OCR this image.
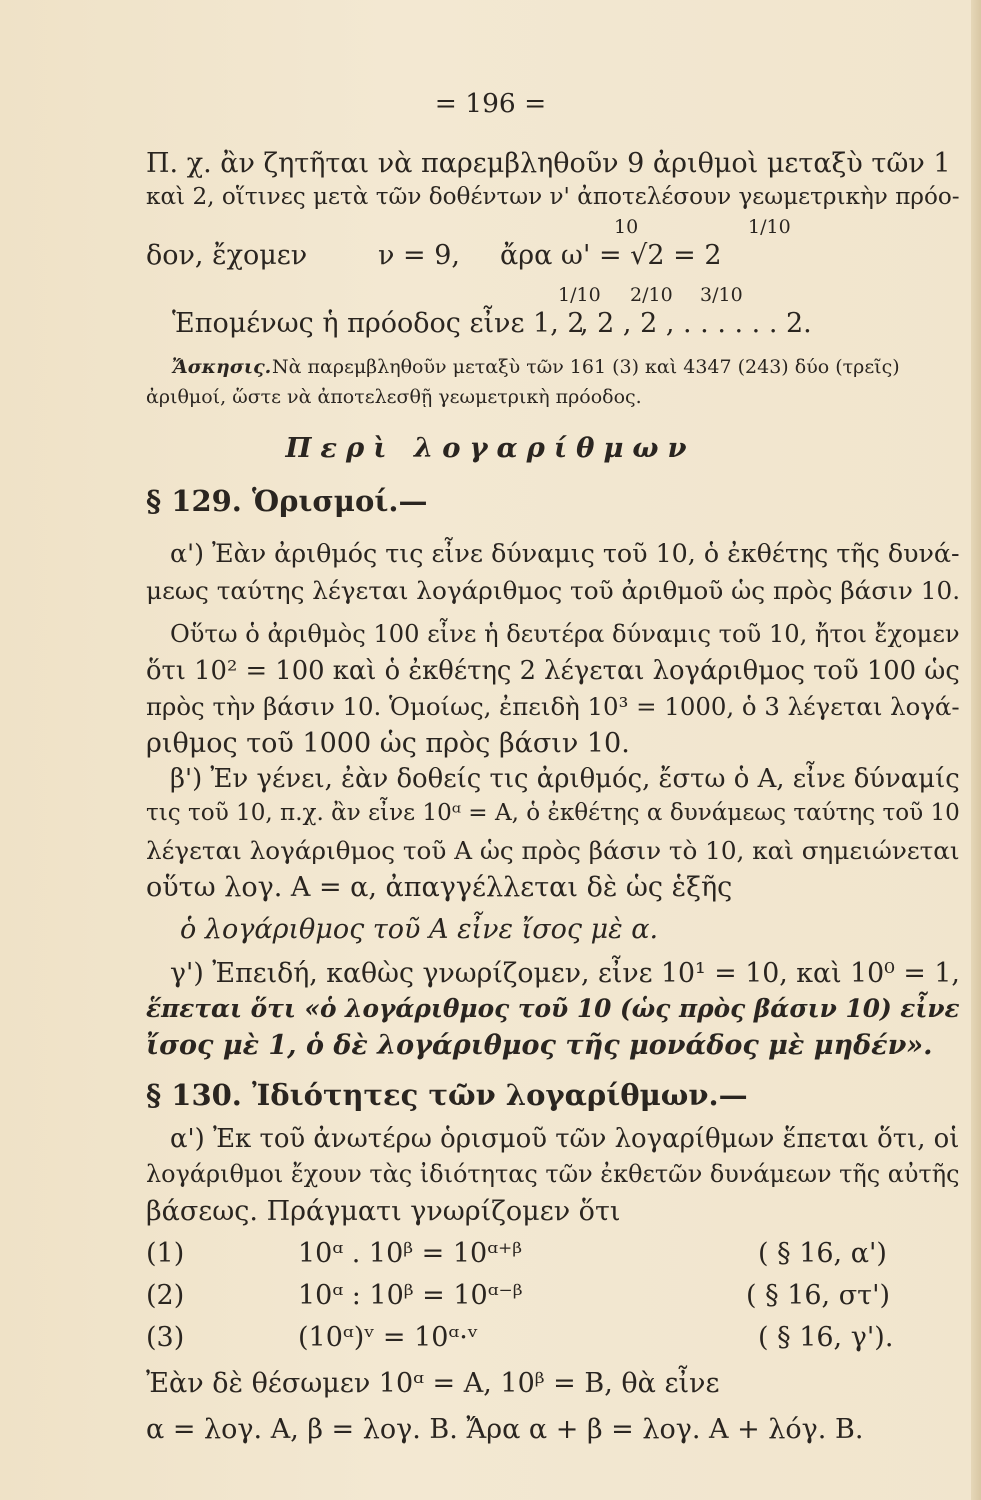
= 196 =
Π. χ. ἂν ζητῆται νὰ παρεμβληθοῦν 9 ἀριθμοὶ μεταξὺ τῶν 1
καὶ 2, οἵτινες μετὰ τῶν δοθέντων ν' ἀποτελέσουν γεωμετρικὴν πρόο-
δον, ἔχομεν	ν = 9,
10
ἄρα ω' = √2 = 2
1/10
Ἑπομένως ἡ πρόοδος εἶνε 1, 2
1/10 2/10 3/10
, 2 , 2 , . . . . . . 2.
Ἄσκησις. Νὰ παρεμβληθοῦν μεταξὺ τῶν 161 (3) καὶ 4347 (243) δύο (τρεῖς)
ἀριθμοί, ὥστε νὰ ἀποτελεσθῇ γεωμετρικὴ πρόοδος.
Περὶ λογαρίθμων
§ 129. Ὁρισμοί.—
α') Ἐὰν ἀριθμός τις εἶνε δύναμις τοῦ 10, ὁ ἐκθέτης τῆς δυνά-
μεως ταύτης λέγεται λογάριθμος τοῦ ἀριθμοῦ ὡς πρὸς βάσιν 10.
Οὕτω ὁ ἀριθμὸς 100 εἶνε ἡ δευτέρα δύναμις τοῦ 10, ἤτοι ἔχομεν
ὅτι 10² = 100 καὶ ὁ ἐκθέτης 2 λέγεται λογάριθμος τοῦ 100 ὡς
πρὸς τὴν βάσιν 10. Ὁμοίως, ἐπειδὴ 10³ = 1000, ὁ 3 λέγεται λογά-
ριθμος τοῦ 1000 ὡς πρὸς βάσιν 10.
β') Ἐν γένει, ἐὰν δοθείς τις ἀριθμός, ἔστω ὁ Α, εἶνε δύναμίς
τις τοῦ 10, π.χ. ἂν εἶνε 10ᵅ = Α, ὁ ἐκθέτης α δυνάμεως ταύτης τοῦ 10
λέγεται λογάριθμος τοῦ Α ὡς πρὸς βάσιν τὸ 10, καὶ σημειώνεται
οὕτω λογ. Α = α, ἀπαγγέλλεται δὲ ὡς ἑξῆς
ὁ λογάριθμος τοῦ Α εἶνε ἴσος μὲ α.
γ') Ἐπειδή, καθὼς γνωρίζομεν, εἶνε 10¹ = 10, καὶ 10⁰ = 1,
ἕπεται ὅτι «ὁ λογάριθμος τοῦ 10 (ὡς πρὸς βάσιν 10) εἶνε
ἴσος μὲ 1, ὁ δὲ λογάριθμος τῆς μονάδος μὲ μηδέν».
§ 130. Ἰδιότητες τῶν λογαρίθμων.—
α') Ἐκ τοῦ ἀνωτέρω ὁρισμοῦ τῶν λογαρίθμων ἕπεται ὅτι, οἱ
λογάριθμοι ἔχουν τὰς ἰδιότητας τῶν ἐκθετῶν δυνάμεων τῆς αὐτῆς
βάσεως. Πράγματι γνωρίζομεν ὅτι
(1)	10ᵅ . 10ᵝ = 10ᵅ⁺ᵝ	( § 16, α')
(2)	10ᵅ : 10ᵝ = 10ᵅ⁻ᵝ	( § 16, στ')
(3)	(10ᵅ)ᵛ = 10ᵅ·ᵛ	( § 16, γ').
Ἐὰν δὲ θέσωμεν 10ᵅ = Α, 10ᵝ = Β, θὰ εἶνε
α = λογ. Α, β = λογ. Β. Ἄρα α + β = λογ. Α + λόγ. Β.
